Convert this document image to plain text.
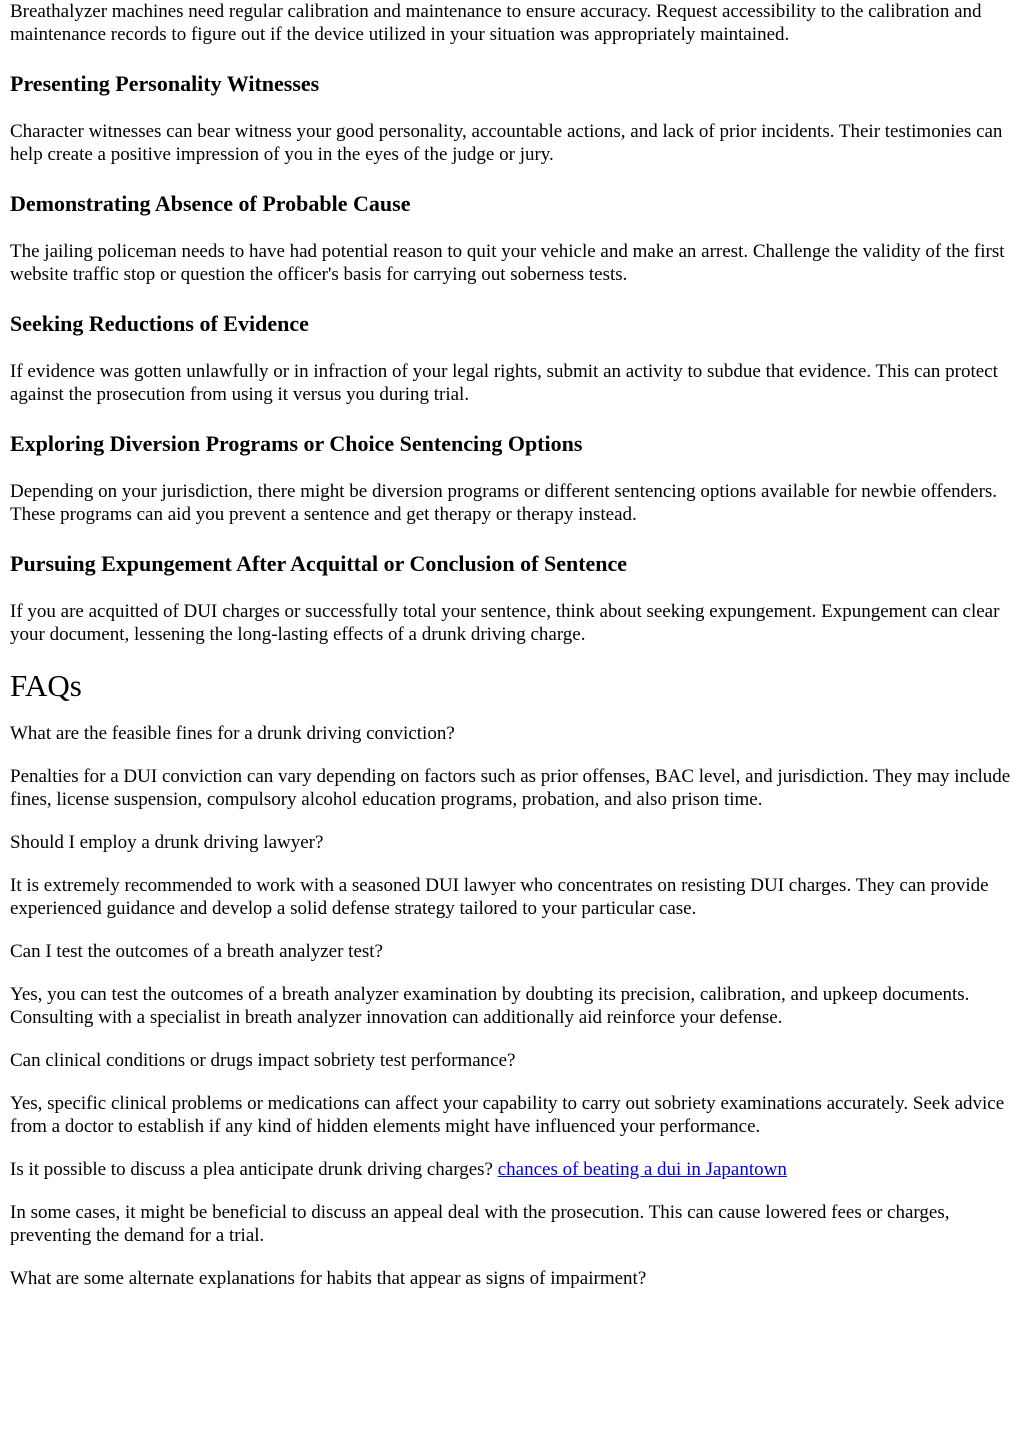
Breathalyzer machines need regular calibration and maintenance to ensure accuracy. Request accessibility to the calibration and maintenance records to figure out if the device utilized in your situation was appropriately maintained.

Presenting Personality Witnesses

Character witnesses can bear witness your good personality, accountable actions, and lack of prior incidents. Their testimonies can help create a positive impression of you in the eyes of the judge or jury.

Demonstrating Absence of Probable Cause

The jailing policeman needs to have had potential reason to quit your vehicle and make an arrest. Challenge the validity of the first website traffic stop or question the officer's basis for carrying out soberness tests.

Seeking Reductions of Evidence

If evidence was gotten unlawfully or in infraction of your legal rights, submit an activity to subdue that evidence. This can protect against the prosecution from using it versus you during trial.

Exploring Diversion Programs or Choice Sentencing Options

Depending on your jurisdiction, there might be diversion programs or different sentencing options available for newbie offenders. These programs can aid you prevent a sentence and get therapy or therapy instead.

Pursuing Expungement After Acquittal or Conclusion of Sentence

If you are acquitted of DUI charges or successfully total your sentence, think about seeking expungement. Expungement can clear your document, lessening the long-lasting effects of a drunk driving charge.

FAQs

What are the feasible fines for a drunk driving conviction?

Penalties for a DUI conviction can vary depending on factors such as prior offenses, BAC level, and jurisdiction. They may include fines, license suspension, compulsory alcohol education programs, probation, and also prison time.

Should I employ a drunk driving lawyer?

It is extremely recommended to work with a seasoned DUI lawyer who concentrates on resisting DUI charges. They can provide experienced guidance and develop a solid defense strategy tailored to your particular case.

Can I test the outcomes of a breath analyzer test?

Yes, you can test the outcomes of a breath analyzer examination by doubting its precision, calibration, and upkeep documents. Consulting with a specialist in breath analyzer innovation can additionally aid reinforce your defense.

Can clinical conditions or drugs impact sobriety test performance?

Yes, specific clinical problems or medications can affect your capability to carry out sobriety examinations accurately. Seek advice from a doctor to establish if any kind of hidden elements might have influenced your performance.

Is it possible to discuss a plea anticipate drunk driving charges? chances of beating a dui in Japantown

In some cases, it might be beneficial to discuss an appeal deal with the prosecution. This can cause lowered fees or charges, preventing the demand for a trial.

What are some alternate explanations for habits that appear as signs of impairment?
